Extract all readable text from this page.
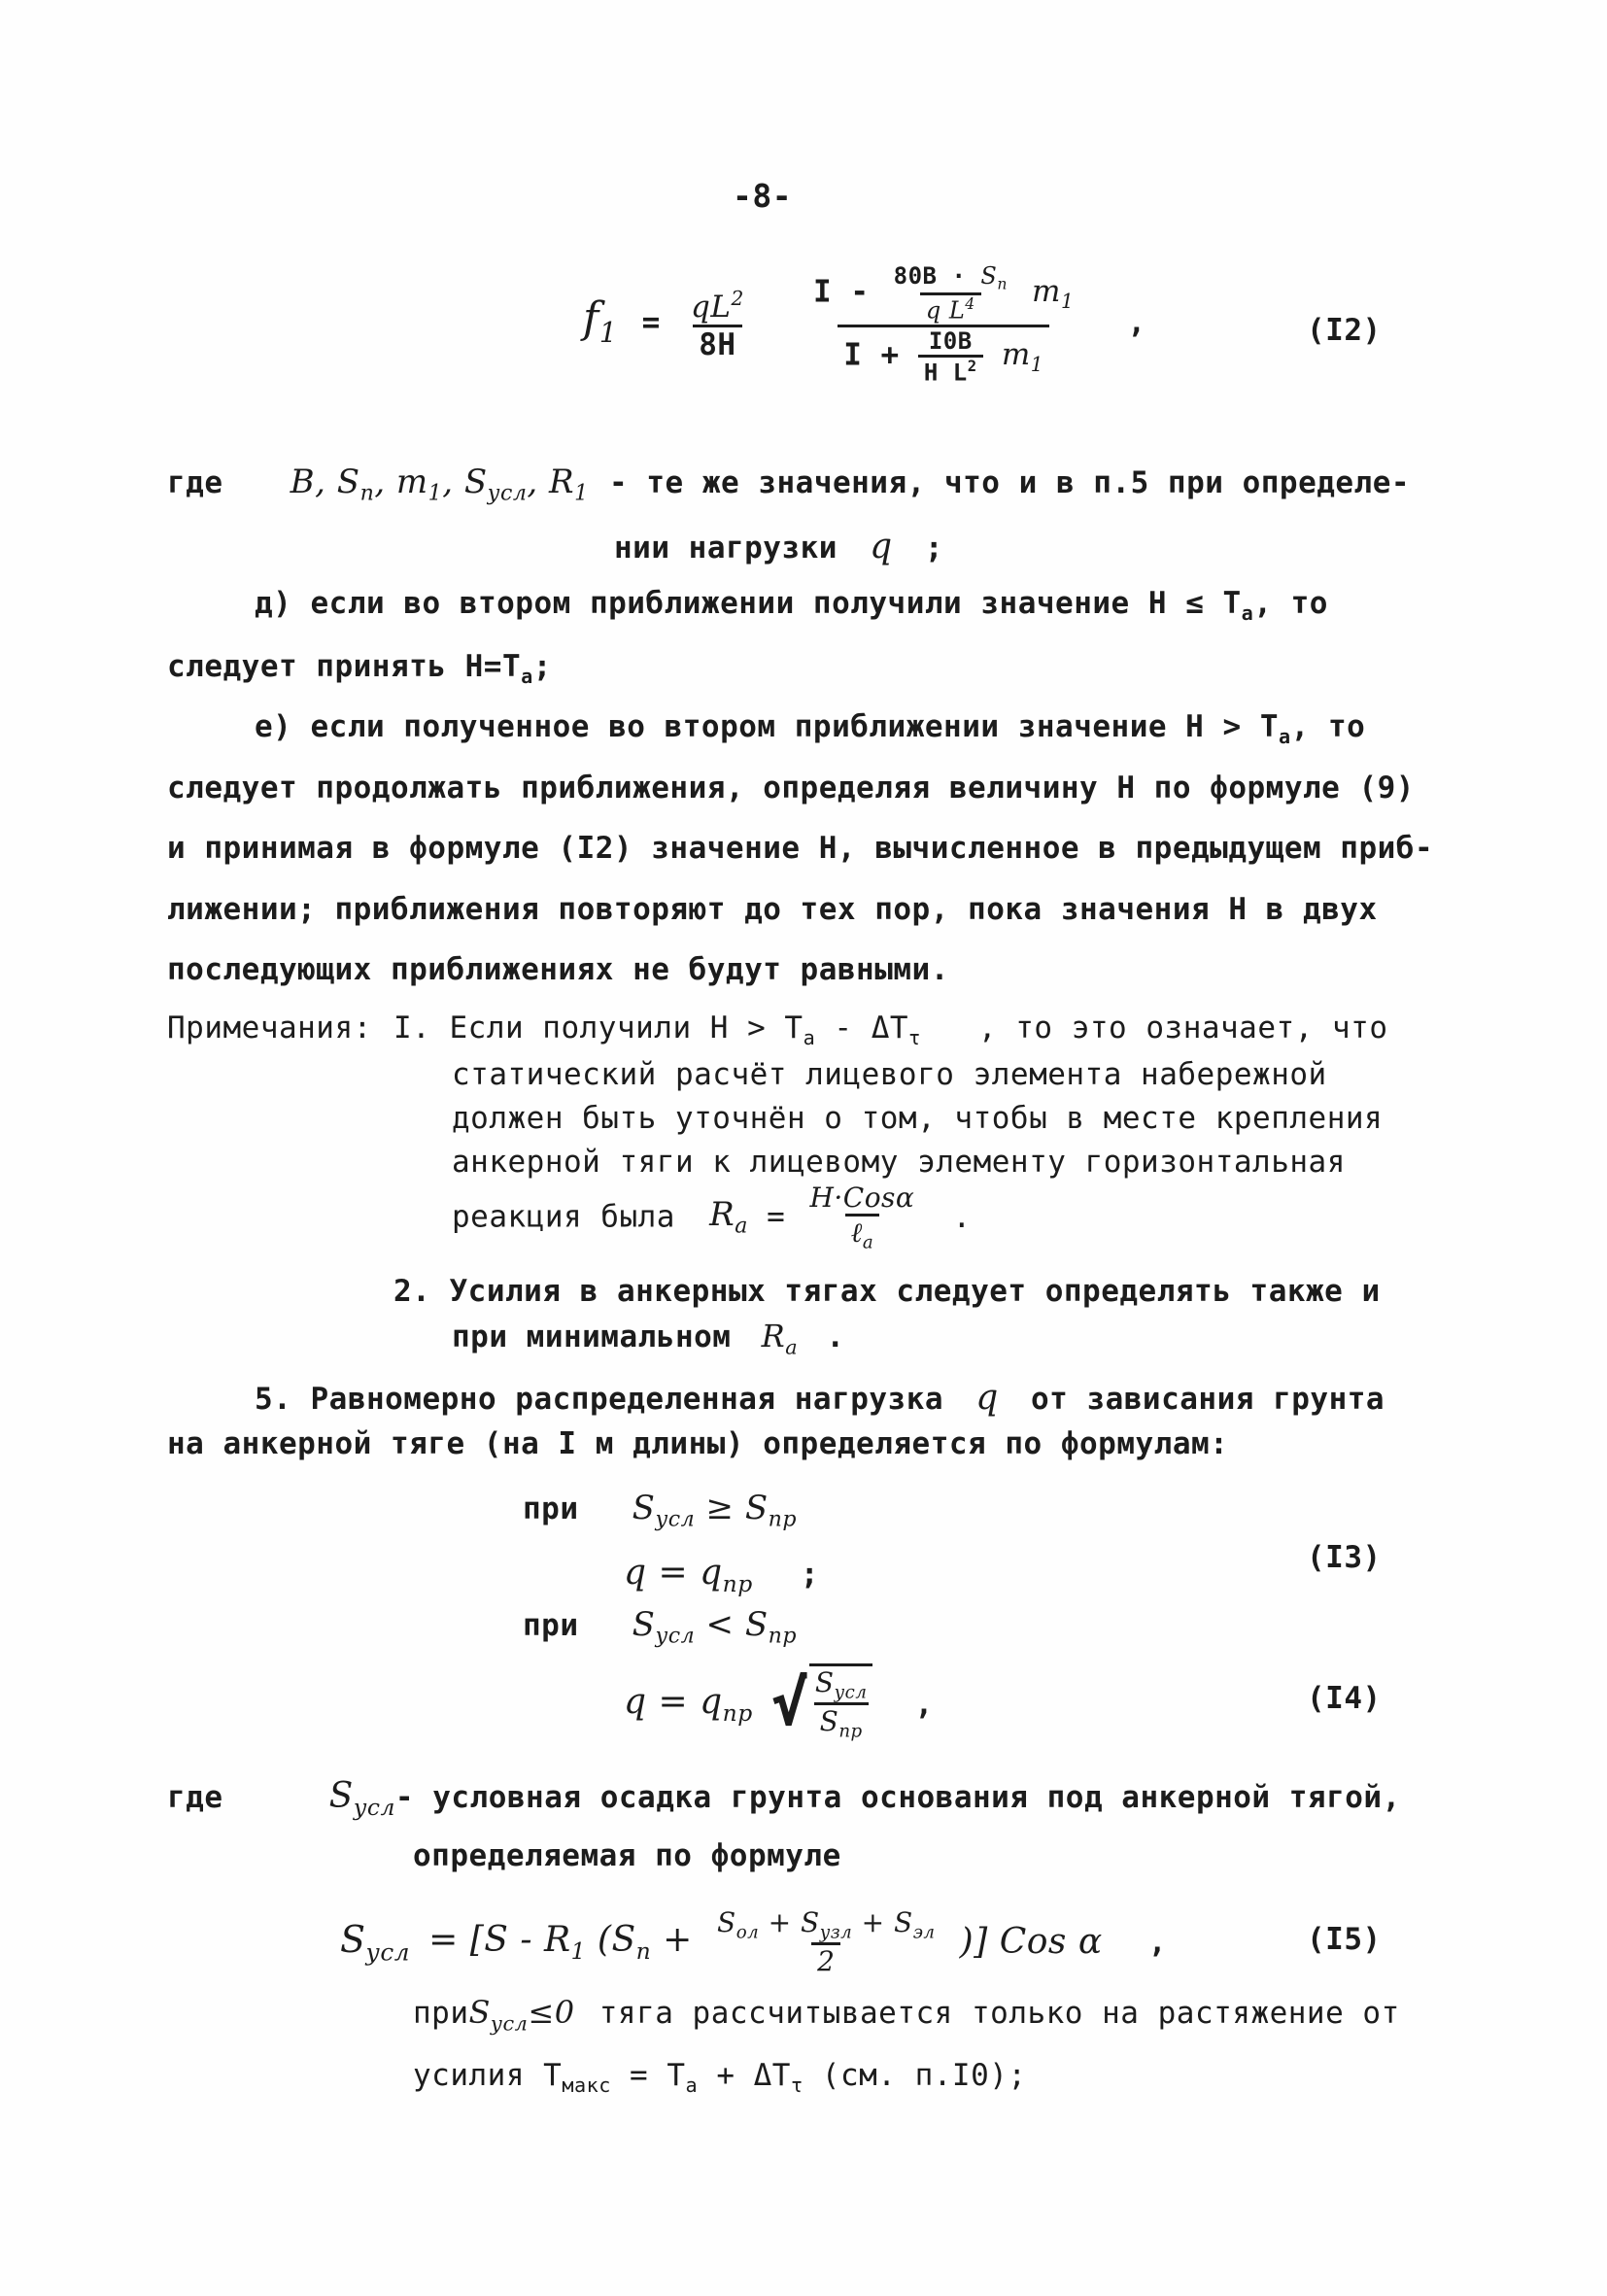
-8-
$f_1 = \frac{qL^2}{8H}$
I - $\frac{80B \cdot S_n}{q L^4} m_1$
$I + \frac{I0B}{H L^2} m_1$
,	(I2)
где B, $S_n$, $m_1$, $S_{усл}$, $R_1$ - те же значения, что и в п.5 при определе-
нии нагрузки q ;
д) если во втором приближении получили значение $H \le T_a$, то
следует принять $H=T_a$;
е) если полученное во втором приближении значение $H > T_a$, то
следует продолжать приближения, определяя величину H по формуле (9)
и принимая в формуле (I2) значение H, вычисленное в предыдущем приб-
лижении; приближения повторяют до тех пор, пока значения H в двух
последующих приближениях не будут равными.
Примечания: I. Если получили $H > T_a - \Delta T_\tau$ , то это означает, что
статический расчёт лицевого элемента набережной
должен быть уточнён о том, чтобы в месте крепления
анкерной тяги к лицевому элементу горизонтальная
реакция была $R_a = \frac{\text{H·Cosα}}{\ell_a}$ .
2. Усилия в анкерных тягах следует определять также и
при минимальном $R_a$ .
5. Равномерно распределенная нагрузка q от зависания грунта
на анкерной тяге (на I м длины) определяется по формулам:
при $S_{усл} \ge S_{пр}$
$q = q_{пр}$ ;	(I3)
при $S_{усл} < S_{пр}$
$q = q_{пр}$ √ $\frac{S_{усл}}{S_{пр}}$ ,	(I4)
где	$S_{усл}-$ условная осадка грунта основания под анкерной тягой,
определяемая по формуле
$S_{усл} = [S - R_1$ ($S_п + \frac{S_{ол} + S_{узл} + S_{эл}}{2}$ )] Cos α ,	(I5)
приS$_{усл}$≤0 тяга рассчитывается только на растяжение от
усилия $T_{макс} = T_a + \Delta T_\tau$ (см. п.I0);
